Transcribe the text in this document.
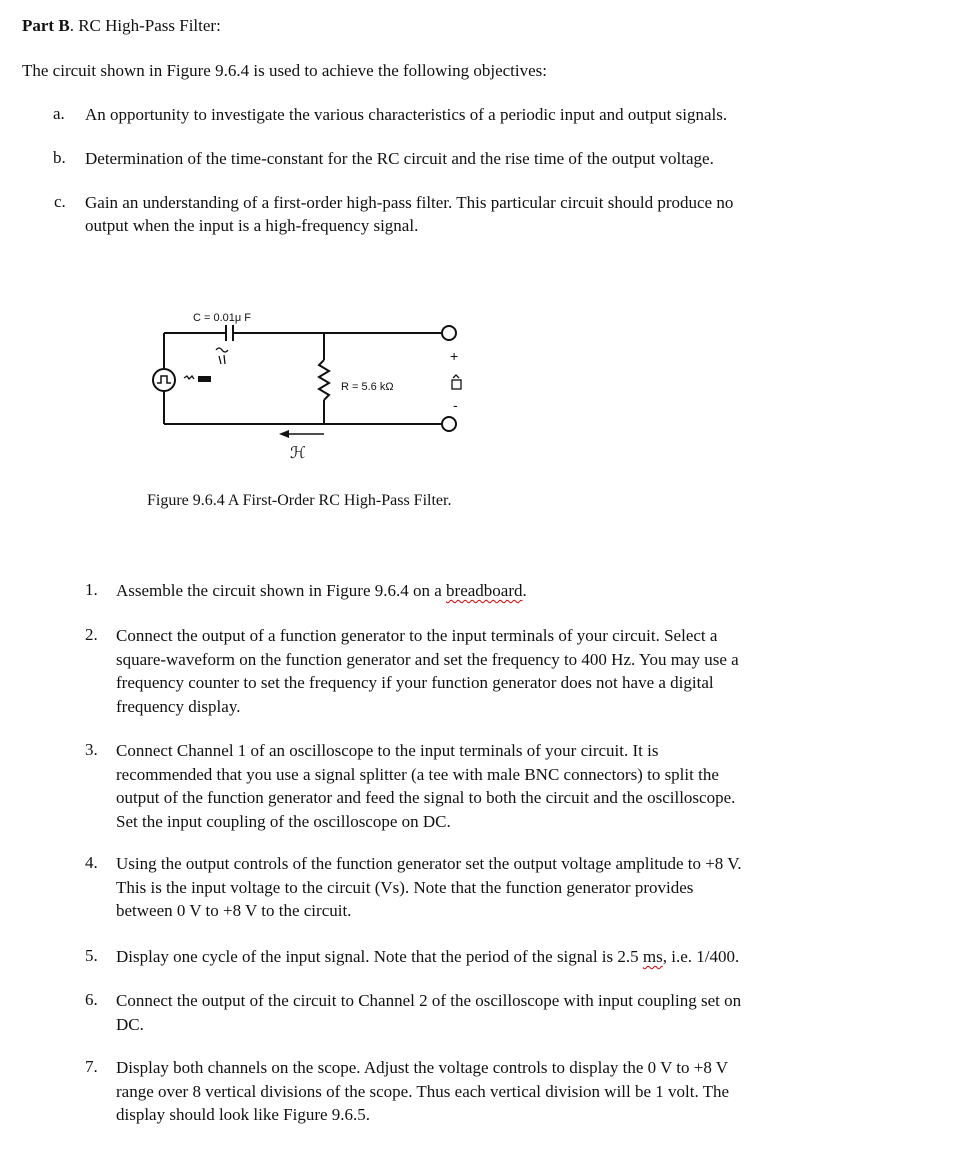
Part B. RC High-Pass Filter:
The circuit shown in Figure 9.6.4 is used to achieve the following objectives:
a. An opportunity to investigate the various characteristics of a periodic input and output signals.
b. Determination of the time-constant for the RC circuit and the rise time of the output voltage.
c. Gain an understanding of a first-order high-pass filter. This particular circuit should produce no
output when the input is a high-frequency signal.
C = 0.01μ F
R = 5.6 kΩ
ℋ
+
-
Figure 9.6.4 A First-Order RC High-Pass Filter.
1. Assemble the circuit shown in Figure 9.6.4 on a breadboard.
2. Connect the output of a function generator to the input terminals of your circuit. Select a
square-waveform on the function generator and set the frequency to 400 Hz. You may use a
frequency counter to set the frequency if your function generator does not have a digital
frequency display.
3. Connect Channel 1 of an oscilloscope to the input terminals of your circuit. It is
recommended that you use a signal splitter (a tee with male BNC connectors) to split the
output of the function generator and feed the signal to both the circuit and the oscilloscope.
Set the input coupling of the oscilloscope on DC.
4. Using the output controls of the function generator set the output voltage amplitude to +8 V.
This is the input voltage to the circuit (Vs). Note that the function generator provides
between 0 V to +8 V to the circuit.
5. Display one cycle of the input signal. Note that the period of the signal is 2.5 ms, i.e. 1/400.
6. Connect the output of the circuit to Channel 2 of the oscilloscope with input coupling set on
DC.
7. Display both channels on the scope. Adjust the voltage controls to display the 0 V to +8 V
range over 8 vertical divisions of the scope. Thus each vertical division will be 1 volt. The
display should look like Figure 9.6.5.
